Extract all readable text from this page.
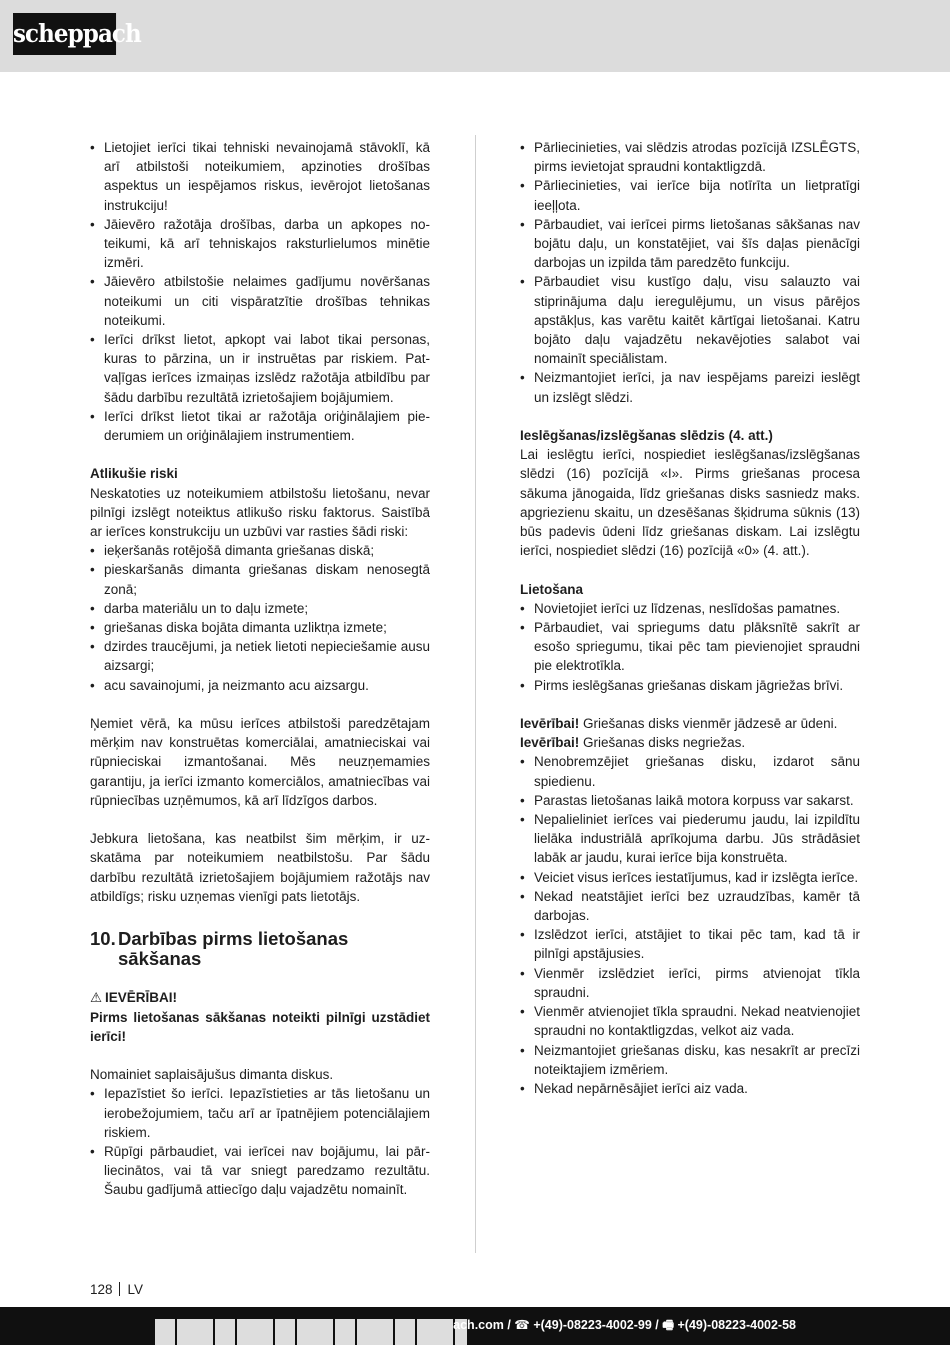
scheppach
• Lietojiet ierīci tikai tehniski nevainojamā stāvoklī, kā arī atbilstoši noteikumiem, apzinoties drošības aspektus un iespējamos riskus, ievērojot lietošanas instrukciju!
• Jāievēro ražotāja drošības, darba un apkopes noteikumi, kā arī tehniskajos raksturlielumos minētie izmēri.
• Jāievēro atbilstošie nelaimes gadījumu novēršanas noteikumi un citi vispāratzītie drošības tehnikas noteikumi.
• Ierīci drīkst lietot, apkopt vai labot tikai personas, kuras to pārzina, un ir instruētas par riskiem. Patvaļīgas ierīces izmaiņas izslēdz ražotāja atbildību par šādu darbību rezultātā izrietošajiem bojājumiem.
• Ierīci drīkst lietot tikai ar ražotāja oriģinālajiem piederumiem un oriģinālajiem instrumentiem.

Atlikušie riski

Neskatoties uz noteikumiem atbilstošu lietošanu, nevar pilnīgi izslēgt noteiktus atlikušo risku faktorus. Saistībā ar ierīces konstrukciju un uzbūvi var rasties šādi riski:

• ieķeršanās rotējošā dimanta griešanas diskā;
• pieskaršanās dimanta griešanas diskam nenosegtā zonā;
• darba materiālu un to daļu izmete;
• griešanas diska bojāta dimanta uzliktņa izmete;
• dzirdes traucējumi, ja netiek lietoti nepieciešamie ausu aizsargi;
• acu savainojumi, ja neizmanto acu aizsargu.

Ņemiet vērā, ka mūsu ierīces atbilstoši paredzētajam mērķim nav konstruētas komerciālai, amatnieciskai vai rūpnieciskai izmantošanai. Mēs neuzņemamies garantiju, ja ierīci izmanto komerciālos, amatniecības vai rūpniecības uzņēmumos, kā arī līdzīgos darbos.

Jebkura lietošana, kas neatbilst šim mērķim, ir uzskatāma par noteikumiem neatbilstošu. Par šādu darbību rezultātā izrietošajiem bojājumiem ražotājs nav atbildīgs; risku uzņemas vienīgi pats lietotājs.

10. Darbības pirms lietošanas sākšanas

⚠ IEVĒRĪBAI!

Pirms lietošanas sākšanas noteikti pilnīgi uzstādiet ierīci!

Nomainiet saplaisājušus dimanta diskus.

• Iepazīstiet šo ierīci. Iepazīstieties ar tās lietošanu un ierobežojumiem, taču arī ar īpatnējiem potenciālajiem riskiem.
• Rūpīgi pārbaudiet, vai ierīcei nav bojājumu, lai pārliecinātos, vai tā var sniegt paredzamo rezultātu. Šaubu gadījumā attiecīgo daļu vajadzētu nomainīt.
• Pārliecinieties, vai slēdzis atrodas pozīcijā IZSLĒGTS, pirms ievietojat spraudni kontaktligzdā.
• Pārliecinieties, vai ierīce bija notīrīta un lietpratīgi ieeļļota.
• Pārbaudiet, vai ierīcei pirms lietošanas sākšanas nav bojātu daļu, un konstatējiet, vai šīs daļas pienācīgi darbojas un izpilda tām paredzēto funkciju.
• Pārbaudiet visu kustīgo daļu, visu salauzto vai stiprinājuma daļu ieregulējumu, un visus pārējos apstākļus, kas varētu kaitēt kārtīgai lietošanai. Katru bojāto daļu vajadzētu nekavējoties salabot vai nomainīt speciālistam.
• Neizmantojiet ierīci, ja nav iespējams pareizi ieslēgt un izslēgt slēdzi.

Ieslēgšanas/izslēgšanas slēdzis (4. att.)

Lai ieslēgtu ierīci, nospiediet ieslēgšanas/izslēgšanas slēdzi (16) pozīcijā «I». Pirms griešanas procesa sākuma jānogaida, līdz griešanas disks sasniedz maks. apgriezienu skaitu, un dzesēšanas šķidruma sūknis (13) būs padevis ūdeni līdz griešanas diskam. Lai izslēgtu ierīci, nospiediet slēdzi (16) pozīcijā «0» (4. att.).

Lietošana

• Novietojiet ierīci uz līdzenas, neslīdošas pamatnes.
• Pārbaudiet, vai spriegums datu plāksnītē sakrīt ar esošo spriegumu, tikai pēc tam pievienojiet spraudni pie elektrotīkla.
• Pirms ieslēgšanas griešanas diskam jāgriežas brīvi.

Ievērībai! Griešanas disks vienmēr jādzesē ar ūdeni.

Ievērībai! Griešanas disks negriežas.

• Nenobremzējiet griešanas disku, izdarot sānu spiedienu.
• Parastas lietošanas laikā motora korpuss var sakarst.
• Nepalieliniet ierīces vai piederumu jaudu, lai izpildītu lielāka industriālā aprīkojuma darbu. Jūs strādāsiet labāk ar jaudu, kurai ierīce bija konstruēta.
• Veiciet visus ierīces iestatījumus, kad ir izslēgta ierīce.
• Nekad neatstājiet ierīci bez uzraudzības, kamēr tā darbojas.
• Izslēdzot ierīci, atstājiet to tikai pēc tam, kad tā ir pilnīgi apstājusies.
• Vienmēr izslēdziet ierīci, pirms atvienojat tīkla spraudni.
• Vienmēr atvienojiet tīkla spraudni. Nekad neatvienojiet spraudni no kontaktligzdas, velkot aiz vada.
• Neizmantojiet griešanas disku, kas nesakrīt ar precīzi noteiktajiem izmēriem.
• Nekad nepārnēsājiet ierīci aiz vada.
128 LV
ach.com / ☎ +(49)-08223-4002-99 / 🖷 +(49)-08223-4002-58
